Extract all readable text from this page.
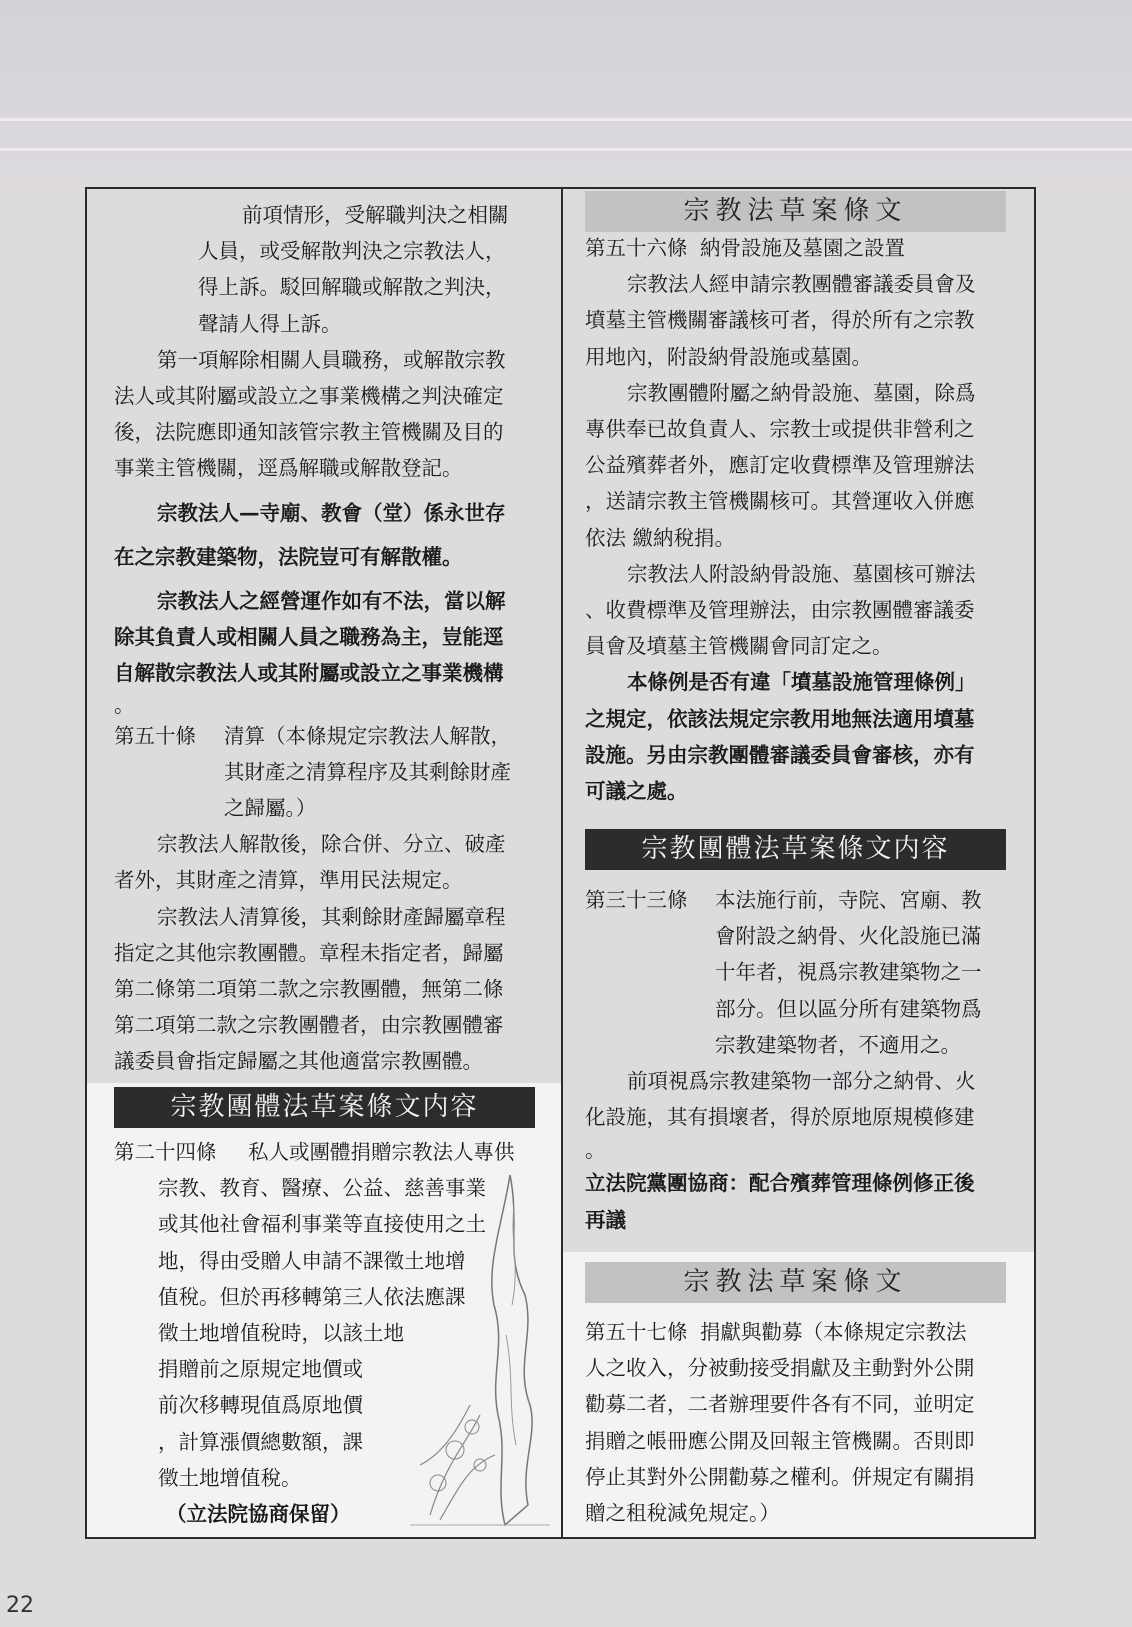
前項情形，受解職判決之相關

人員，或受解散判決之宗教法人，

得上訴。駁回解職或解散之判決，

聲請人得上訴。

第一項解除相關人員職務，或解散宗教

法人或其附屬或設立之事業機構之判決確定

後，法院應即通知該管宗教主管機關及目的

事業主管機關，逕爲解職或解散登記。

宗教法人—寺廟、教會（堂）係永世存

在之宗教建築物，法院豈可有解散權。

宗教法人之經營運作如有不法，當以解

除其負責人或相關人員之職務為主，豈能逕

自解散宗教法人或其附屬或設立之事業機構

。

第五十條 清算（本條規定宗教法人解散，

其財產之清算程序及其剩餘財產

之歸屬。）

宗教法人解散後，除合併、分立、破產

者外，其財產之清算，準用民法規定。

宗教法人清算後，其剩餘財產歸屬章程

指定之其他宗教團體。章程未指定者，歸屬

第二條第二項第二款之宗教團體，無第二條

第二項第二款之宗教團體者，由宗教團體審

議委員會指定歸屬之其他適當宗教團體。

宗教團體法草案條文内容

第二十四條 私人或團體捐贈宗教法人專供

宗教、教育、醫療、公益、慈善事業

或其他社會福利事業等直接使用之土

地，得由受贈人申請不課徵土地增

值稅。但於再移轉第三人依法應課

徵土地增值稅時，以該土地

捐贈前之原規定地價或

前次移轉現值爲原地價

，計算漲價總數額，課

徵土地增值稅。

（立法院協商保留）

宗教法草案條文

第五十六條 納骨設施及墓園之設置

宗教法人經申請宗教團體審議委員會及

墳墓主管機關審議核可者，得於所有之宗教

用地內，附設納骨設施或墓園。

宗教團體附屬之納骨設施、墓園，除爲

專供奉已故負責人、宗教士或提供非營利之

公益殯葬者外，應訂定收費標準及管理辦法

，送請宗教主管機關核可。其營運收入併應

依法 繳納稅捐。

宗教法人附設納骨設施、墓園核可辦法

、收費標準及管理辦法，由宗教團體審議委

員會及墳墓主管機關會同訂定之。

本條例是否有違「墳墓設施管理條例」

之規定，依該法規定宗教用地無法適用墳墓

設施。另由宗教團體審議委員會審核，亦有

可議之處。

宗教團體法草案條文内容

第三十三條 本法施行前，寺院、宮廟、教

會附設之納骨、火化設施已滿

十年者，視爲宗教建築物之一

部分。但以區分所有建築物爲

宗教建築物者，不適用之。

前項視爲宗教建築物一部分之納骨、火

化設施，其有損壞者，得於原地原規模修建

。

立法院黨團協商：配合殯葬管理條例修正後

再議

宗教法草案條文

第五十七條 捐獻與勸募（本條規定宗教法

人之收入，分被動接受捐獻及主動對外公開

勸募二者，二者辦理要件各有不同，並明定

捐贈之帳冊應公開及回報主管機關。否則即

停止其對外公開勸募之權利。併規定有關捐

贈之租稅減免規定。）

22
